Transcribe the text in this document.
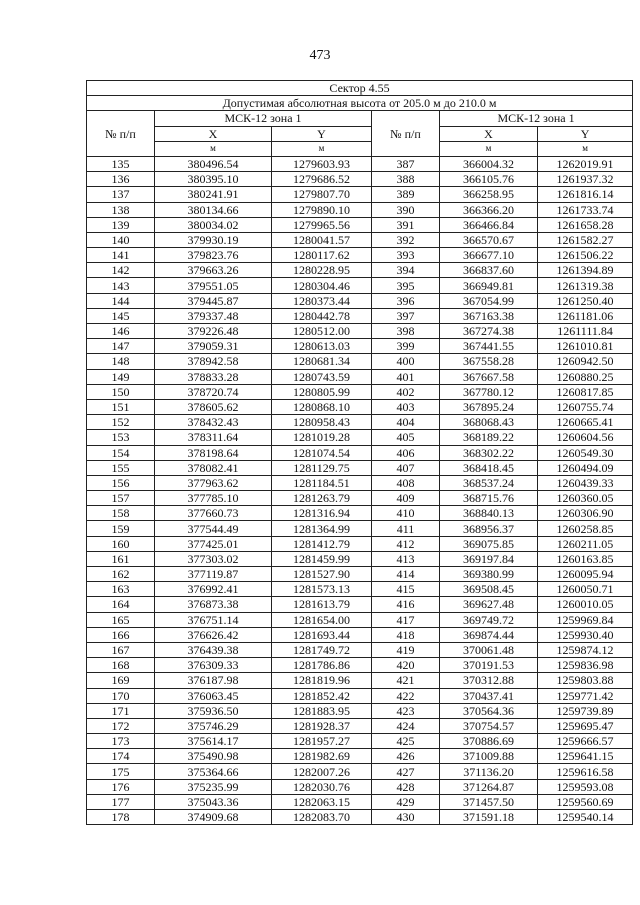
473
Сектор 4.55					
Допустимая абсолютная высота от 205.0 м до 210.0 м					
№ п/п	МСК-12 зона 1		№ п/п	МСК-12 зона 1	
	X	Y		X	Y
	м	м		м	м
135	380496.54	1279603.93	387	366004.32	1262019.91
136	380395.10	1279686.52	388	366105.76	1261937.32
137	380241.91	1279807.70	389	366258.95	1261816.14
138	380134.66	1279890.10	390	366366.20	1261733.74
139	380034.02	1279965.56	391	366466.84	1261658.28
140	379930.19	1280041.57	392	366570.67	1261582.27
141	379823.76	1280117.62	393	366677.10	1261506.22
142	379663.26	1280228.95	394	366837.60	1261394.89
143	379551.05	1280304.46	395	366949.81	1261319.38
144	379445.87	1280373.44	396	367054.99	1261250.40
145	379337.48	1280442.78	397	367163.38	1261181.06
146	379226.48	1280512.00	398	367274.38	1261111.84
147	379059.31	1280613.03	399	367441.55	1261010.81
148	378942.58	1280681.34	400	367558.28	1260942.50
149	378833.28	1280743.59	401	367667.58	1260880.25
150	378720.74	1280805.99	402	367780.12	1260817.85
151	378605.62	1280868.10	403	367895.24	1260755.74
152	378432.43	1280958.43	404	368068.43	1260665.41
153	378311.64	1281019.28	405	368189.22	1260604.56
154	378198.64	1281074.54	406	368302.22	1260549.30
155	378082.41	1281129.75	407	368418.45	1260494.09
156	377963.62	1281184.51	408	368537.24	1260439.33
157	377785.10	1281263.79	409	368715.76	1260360.05
158	377660.73	1281316.94	410	368840.13	1260306.90
159	377544.49	1281364.99	411	368956.37	1260258.85
160	377425.01	1281412.79	412	369075.85	1260211.05
161	377303.02	1281459.99	413	369197.84	1260163.85
162	377119.87	1281527.90	414	369380.99	1260095.94
163	376992.41	1281573.13	415	369508.45	1260050.71
164	376873.38	1281613.79	416	369627.48	1260010.05
165	376751.14	1281654.00	417	369749.72	1259969.84
166	376626.42	1281693.44	418	369874.44	1259930.40
167	376439.38	1281749.72	419	370061.48	1259874.12
168	376309.33	1281786.86	420	370191.53	1259836.98
169	376187.98	1281819.96	421	370312.88	1259803.88
170	376063.45	1281852.42	422	370437.41	1259771.42
171	375936.50	1281883.95	423	370564.36	1259739.89
172	375746.29	1281928.37	424	370754.57	1259695.47
173	375614.17	1281957.27	425	370886.69	1259666.57
174	375490.98	1281982.69	426	371009.88	1259641.15
175	375364.66	1282007.26	427	371136.20	1259616.58
176	375235.99	1282030.76	428	371264.87	1259593.08
177	375043.36	1282063.15	429	371457.50	1259560.69
178	374909.68	1282083.70	430	371591.18	1259540.14
